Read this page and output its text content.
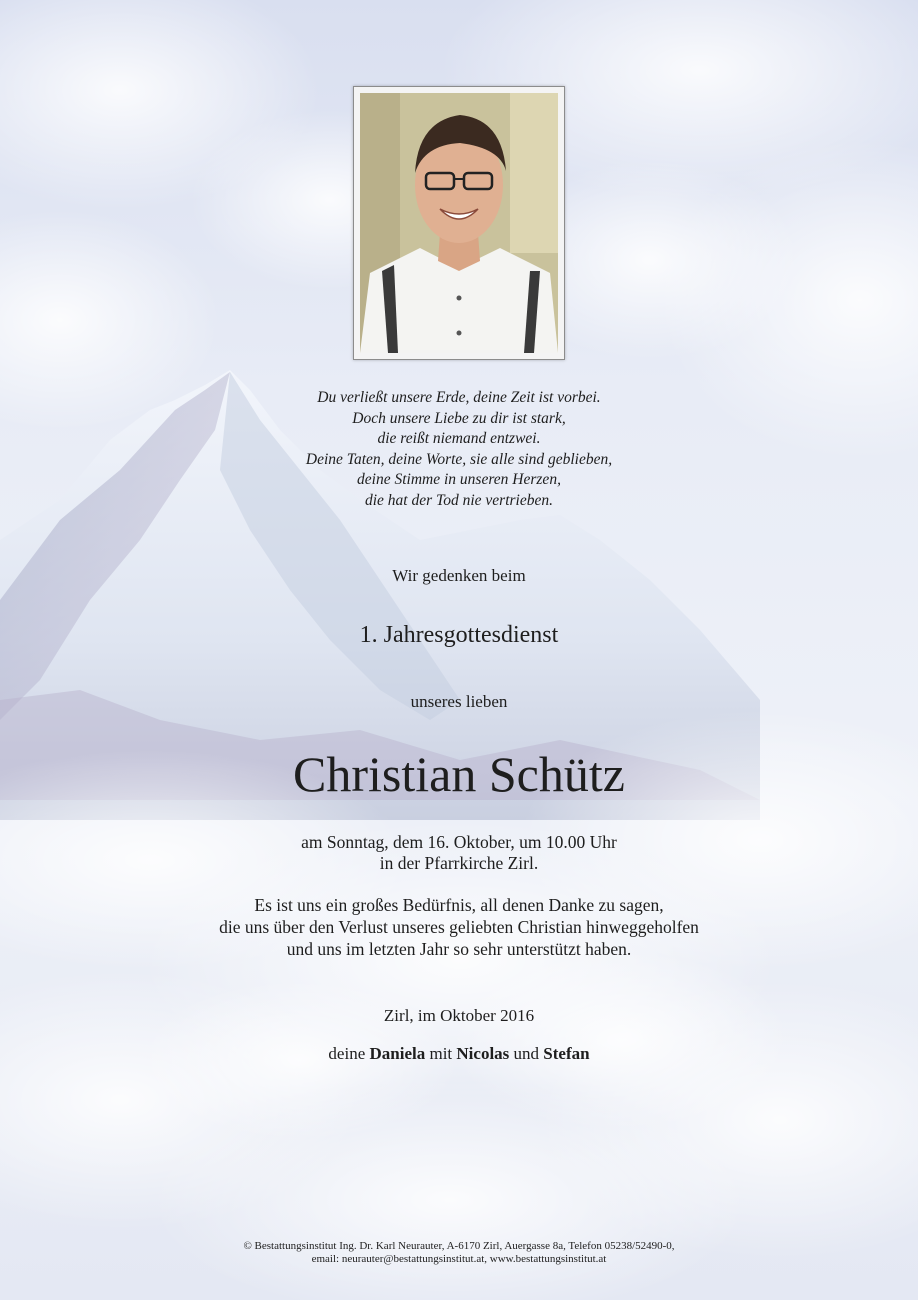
Du verließt unsere Erde, deine Zeit ist vorbei.
Doch unsere Liebe zu dir ist stark,
die reißt niemand entzwei.
Deine Taten, deine Worte, sie alle sind geblieben,
deine Stimme in unseren Herzen,
die hat der Tod nie vertrieben.
Wir gedenken beim
1. Jahresgottesdienst
unseres lieben
Christian Schütz
am Sonntag, dem 16. Oktober, um 10.00 Uhr
in der Pfarrkirche Zirl.
Es ist uns ein großes Bedürfnis, all denen Danke zu sagen,
die uns über den Verlust unseres geliebten Christian hinweggeholfen
und uns im letzten Jahr so sehr unterstützt haben.
Zirl, im Oktober 2016
deine Daniela mit Nicolas und Stefan
© Bestattungsinstitut Ing. Dr. Karl Neurauter, A-6170 Zirl, Auergasse 8a, Telefon 05238/52490-0,
email: neurauter@bestattungsinstitut.at, www.bestattungsinstitut.at
